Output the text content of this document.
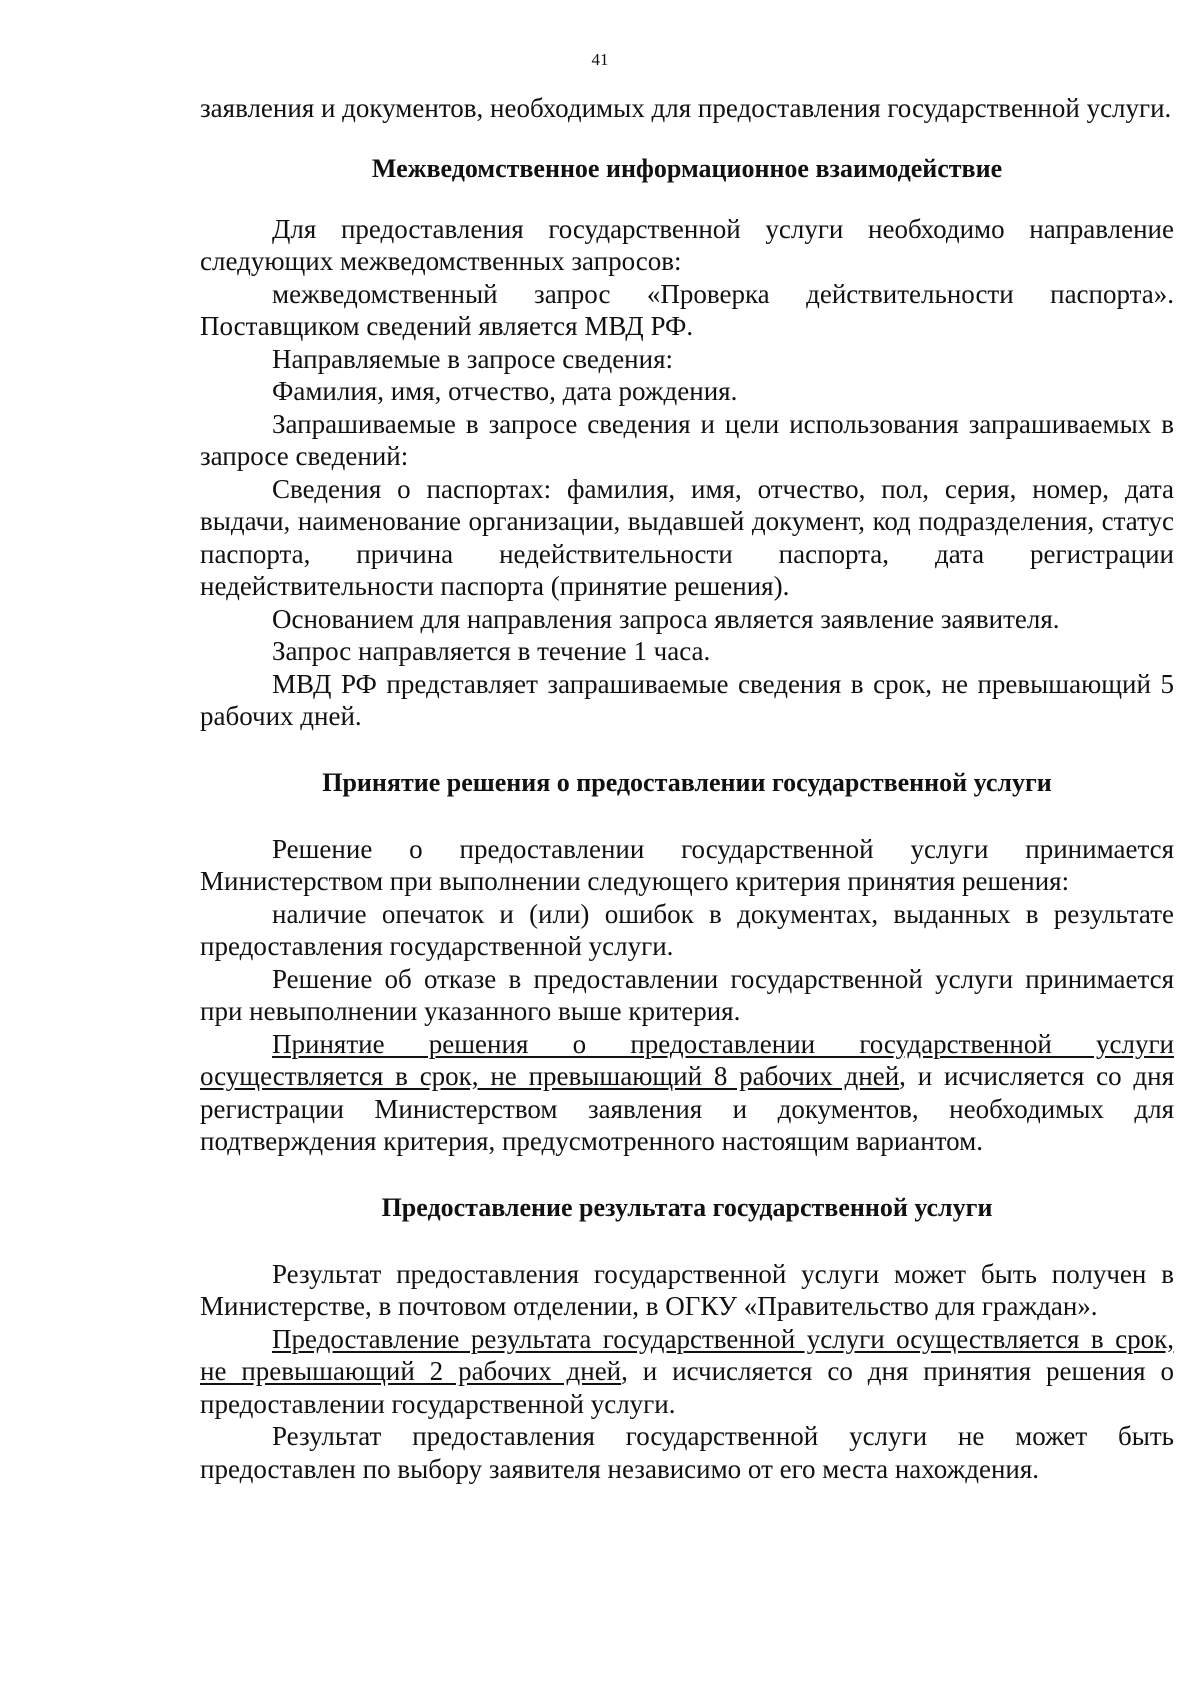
41

заявления и документов, необходимых для предоставления государственной услуги.

Межведомственное информационное взаимодействие

Для предоставления государственной услуги необходимо направление следующих межведомственных запросов:

межведомственный запрос «Проверка действительности паспорта». Поставщиком сведений является МВД РФ.

Направляемые в запросе сведения:

Фамилия, имя, отчество, дата рождения.

Запрашиваемые в запросе сведения и цели использования запрашиваемых в запросе сведений:

Сведения о паспортах: фамилия, имя, отчество, пол, серия, номер, дата выдачи, наименование организации, выдавшей документ, код подразделения, статус паспорта, причина недействительности паспорта, дата регистрации недействительности паспорта (принятие решения).

Основанием для направления запроса является заявление заявителя.

Запрос направляется в течение 1 часа.

МВД РФ представляет запрашиваемые сведения в срок, не превышающий 5 рабочих дней.

Принятие решения о предоставлении государственной услуги

Решение о предоставлении государственной услуги принимается Министерством при выполнении следующего критерия принятия решения:

наличие опечаток и (или) ошибок в документах, выданных в результате предоставления государственной услуги.

Решение об отказе в предоставлении государственной услуги принимается при невыполнении указанного выше критерия.

Принятие решения о предоставлении государственной услуги осуществляется в срок, не превышающий 8 рабочих дней, и исчисляется со дня регистрации Министерством заявления и документов, необходимых для подтверждения критерия, предусмотренного настоящим вариантом.

Предоставление результата государственной услуги

Результат предоставления государственной услуги может быть получен в Министерстве, в почтовом отделении, в ОГКУ «Правительство для граждан».

Предоставление результата государственной услуги осуществляется в срок, не превышающий 2 рабочих дней, и исчисляется со дня принятия решения о предоставлении государственной услуги.

Результат предоставления государственной услуги не может быть предоставлен по выбору заявителя независимо от его места нахождения.
